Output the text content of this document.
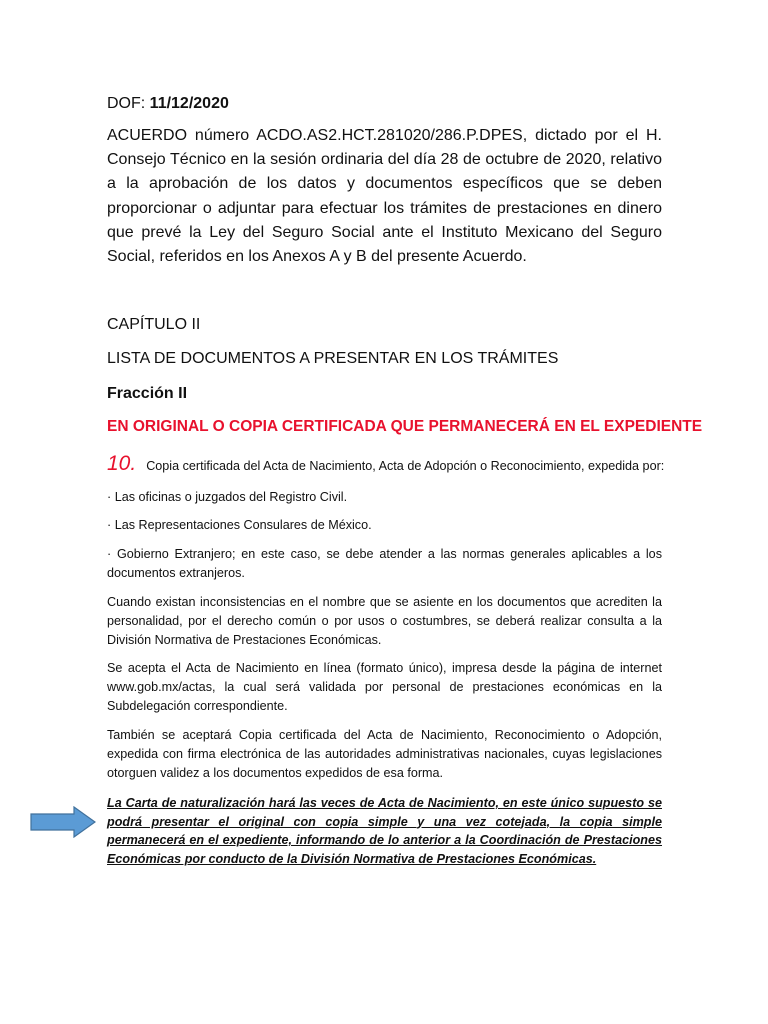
DOF: 11/12/2020
ACUERDO número ACDO.AS2.HCT.281020/286.P.DPES, dictado por el H. Consejo Técnico en la sesión ordinaria del día 28 de octubre de 2020, relativo a la aprobación de los datos y documentos específicos que se deben proporcionar o adjuntar para efectuar los trámites de prestaciones en dinero que prevé la Ley del Seguro Social ante el Instituto Mexicano del Seguro Social, referidos en los Anexos A y B del presente Acuerdo.
CAPÍTULO II
LISTA DE DOCUMENTOS A PRESENTAR EN LOS TRÁMITES
Fracción II
EN ORIGINAL O COPIA CERTIFICADA QUE PERMANECERÁ EN EL EXPEDIENTE
10. Copia certificada del Acta de Nacimiento, Acta de Adopción o Reconocimiento, expedida por:
· Las oficinas o juzgados del Registro Civil.
· Las Representaciones Consulares de México.
· Gobierno Extranjero; en este caso, se debe atender a las normas generales aplicables a los documentos extranjeros.
Cuando existan inconsistencias en el nombre que se asiente en los documentos que acrediten la personalidad, por el derecho común o por usos o costumbres, se deberá realizar consulta a la División Normativa de Prestaciones Económicas.
Se acepta el Acta de Nacimiento en línea (formato único), impresa desde la página de internet www.gob.mx/actas, la cual será validada por personal de prestaciones económicas en la Subdelegación correspondiente.
También se aceptará Copia certificada del Acta de Nacimiento, Reconocimiento o Adopción, expedida con firma electrónica de las autoridades administrativas nacionales, cuyas legislaciones otorguen validez a los documentos expedidos de esa forma.
La Carta de naturalización hará las veces de Acta de Nacimiento, en este único supuesto se podrá presentar el original con copia simple y una vez cotejada, la copia simple permanecerá en el expediente, informando de lo anterior a la Coordinación de Prestaciones Económicas por conducto de la División Normativa de Prestaciones Económicas.
